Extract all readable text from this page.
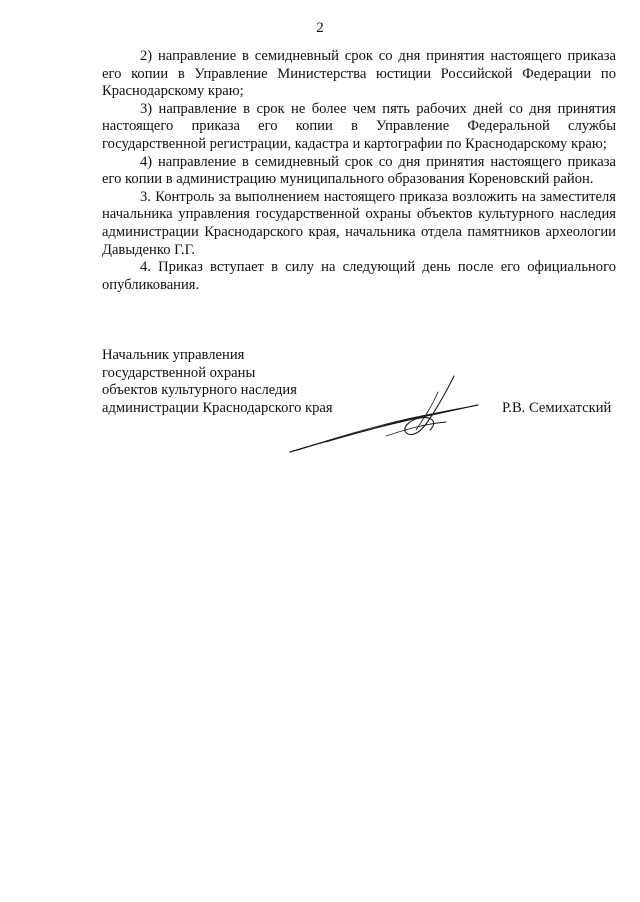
2

2) направление в семидневный срок со дня принятия настоящего приказа его копии в Управление Министерства юстиции Российской Федерации по Краснодарскому краю;

3) направление в срок не более чем пять рабочих дней со дня принятия настоящего приказа его копии в Управление Федеральной службы государственной регистрации, кадастра и картографии по Краснодарскому краю;

4) направление в семидневный срок со дня принятия настоящего приказа его копии в администрацию муниципального образования Кореновский район.

3. Контроль за выполнением настоящего приказа возложить на заместителя начальника управления государственной охраны объектов культурного наследия администрации Краснодарского края, начальника отдела памятников археологии Давыденко Г.Г.

4. Приказ вступает в силу на следующий день после его официального опубликования.

Начальник управления
государственной охраны
объектов культурного наследия
администрации Краснодарского края	Р.В. Семихатский
